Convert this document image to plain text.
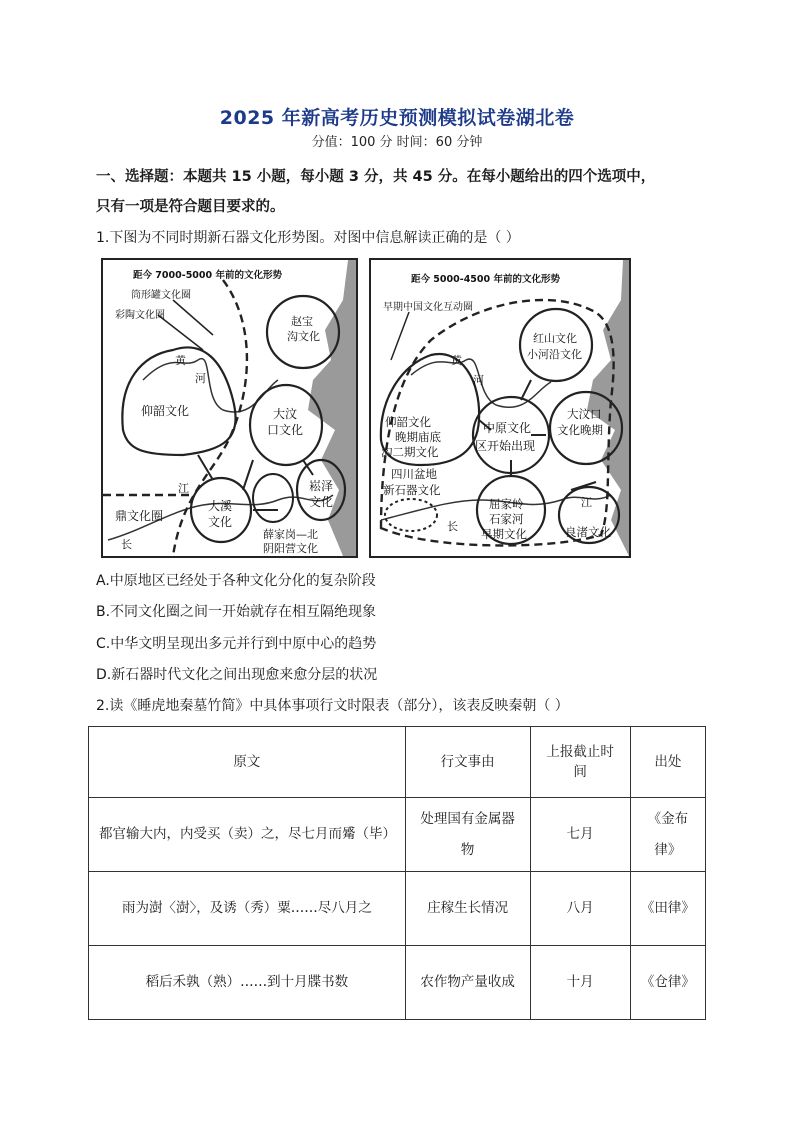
2025 年新高考历史预测模拟试卷湖北卷
分值：100 分 时间：60 分钟
一、选择题：本题共 15 小题，每小题 3 分，共 45 分。在每小题给出的四个选项中，
只有一项是符合题目要求的。
1.下图为不同时期新石器文化形势图。对图中信息解读正确的是（ ）
距今 7000-5000 年前的文化形势
筒形罐文化圈
彩陶文化圈	赵宝
沟文化
黄
河
仰韶文化	大汶
口文化
江
大溪
文化
崧泽
文化
鼎文化圈
长
薛家岗—北
阴阳营文化
距今 5000-4500 年前的文化形势
早期中国文化互动圈
红山文化
小河沿文化
黄
河
仰韶文化
晚期庙底
沟二期文化
中原文化
区开始出现
大汶口
文化晚期
四川盆地
新石器文化
屈家岭
石家河
早期文化
江
长	良渚文化
A.中原地区已经处于各种文化分化的复杂阶段
B.不同文化圈之间一开始就存在相互隔绝现象
C.中华文明呈现出多元并行到中原中心的趋势
D.新石器时代文化之间出现愈来愈分层的状况
2.读《睡虎地秦墓竹简》中具体事项行文时限表（部分），该表反映秦朝（ ）
原文	行文事由	上报截止时间	出处
都官输大内，内受买（卖）之，尽七月而觱（毕）	处理国有金属器物	七月	《金布律》
雨为澍〈澍〉，及诱（秀）粟……尽八月之	庄稼生长情况	八月	《田律》
稻后禾孰（熟）……到十月牒书数	农作物产量收成	十月	《仓律》
